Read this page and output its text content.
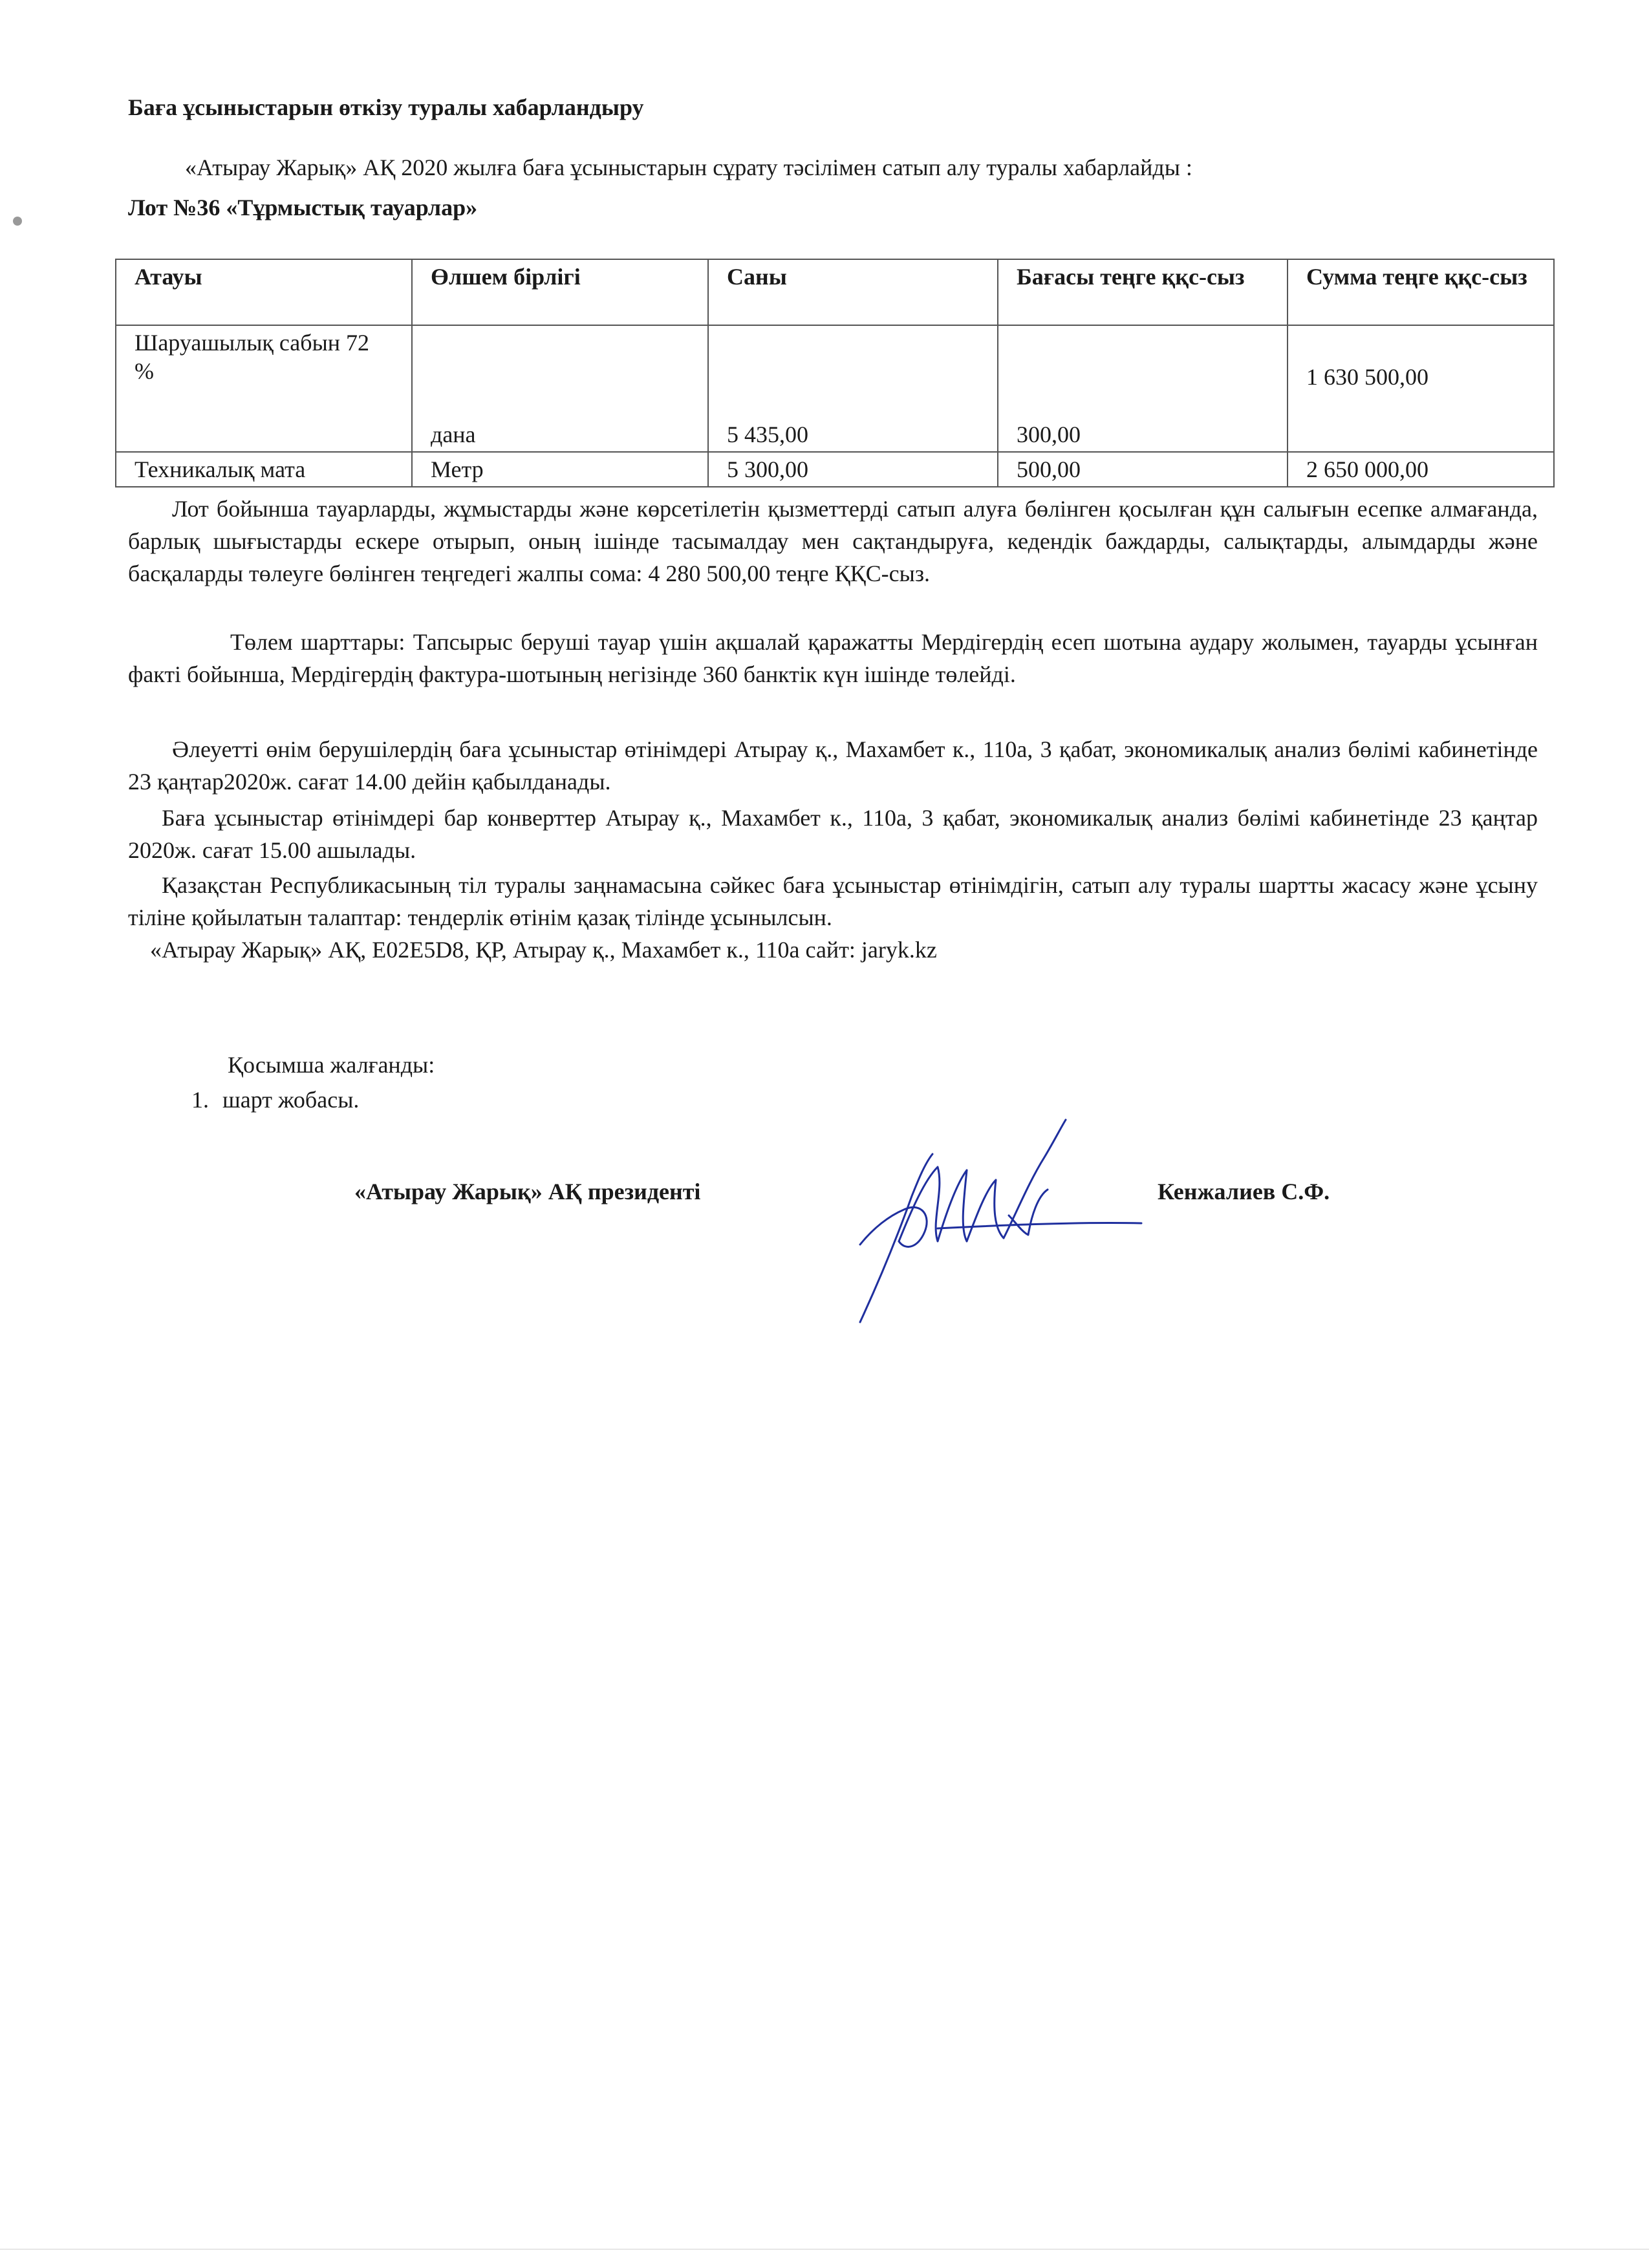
Баға ұсыныстарын өткізу туралы хабарландыру
«Атырау Жарық» АҚ 2020 жылға баға ұсыныстарын сұрату тәсілімен сатып алу туралы хабарлайды :
Лот №36 «Тұрмыстық тауарлар»
Атауы	Өлшем бірлігі	Саны	Бағасы теңге ққс-сыз	Сумма теңге ққс-сыз
Шаруашылық сабын 72 %	дана	5 435,00	300,00	1 630 500,00
Техникалық мата	Метр	5 300,00	500,00	2 650 000,00

Лот бойынша тауарларды, жұмыстарды және көрсетілетін қызметтерді сатып алуға бөлінген қосылған құн салығын есепке алмағанда, барлық шығыстарды ескере отырып, оның ішінде тасымалдау мен сақтандыруға, кедендік баждарды, салықтарды, алымдарды және басқаларды төлеуге бөлінген теңгедегі жалпы сома: 4 280 500,00 теңге ҚҚС-сыз.

Төлем шарттары: Тапсырыс беруші тауар үшін ақшалай қаражатты Мердігердің есеп шотына аудару жолымен, тауарды ұсынған факті бойынша, Мердігердің фактура-шотының негізінде 360 банктік күн ішінде төлейді.

Әлеуетті өнім берушілердің баға ұсыныстар өтінімдері Атырау қ., Махамбет к., 110а, 3 қабат, экономикалық анализ бөлімі кабинетінде 23 қаңтар2020ж. сағат 14.00 дейін қабылданады.

Баға ұсыныстар өтінімдері бар конверттер Атырау қ., Махамбет к., 110а, 3 қабат, экономикалық анализ бөлімі кабинетінде 23 қаңтар 2020ж. сағат 15.00 ашылады.

Қазақстан Республикасының тіл туралы заңнамасына сәйкес баға ұсыныстар өтінімдігін, сатып алу туралы шартты жасасу және ұсыну тіліне қойылатын талаптар: тендерлік өтінім қазақ тілінде ұсынылсын.

«Атырау Жарық» АҚ, Е02Е5D8, ҚР, Атырау қ., Махамбет к., 110а сайт: jaryk.kz
Қосымша жалғанды:
1. шарт жобасы.
«Атырау Жарық» АҚ президенті	Кенжалиев С.Ф.
